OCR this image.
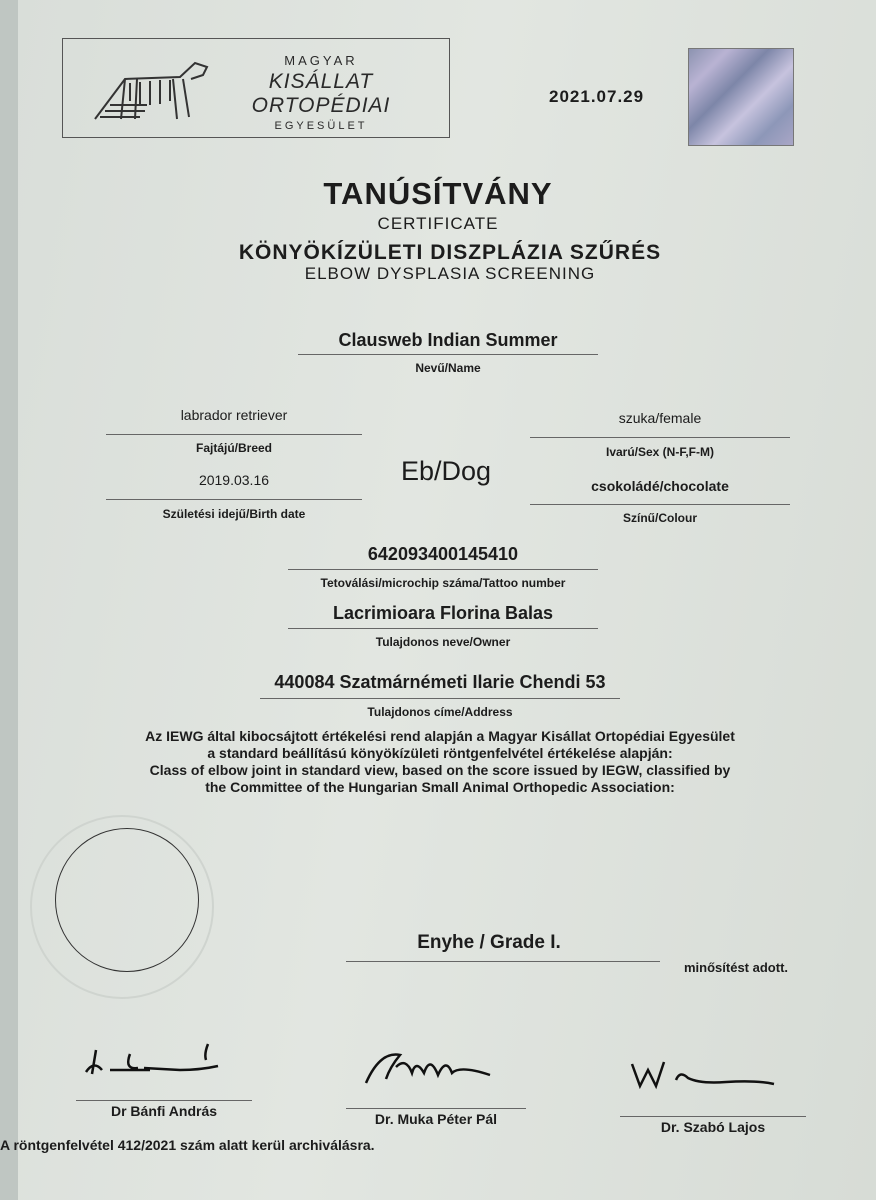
MAGYAR
KISÁLLAT ORTOPÉDIAI
EGYESÜLET
2021.07.29
TANÚSÍTVÁNY
CERTIFICATE
KÖNYÖKÍZÜLETI DISZPLÁZIA SZŰRÉS
ELBOW DYSPLASIA SCREENING
Clausweb Indian Summer
Nevű/Name
labrador retriever
Fajtájú/Breed
2019.03.16
Születési idejű/Birth date
Eb/Dog
szuka/female
Ivarú/Sex (N-F,F-M)
csokoládé/chocolate
Színű/Colour
642093400145410
Tetoválási/microchip száma/Tattoo number
Lacrimioara Florina Balas
Tulajdonos neve/Owner
440084 Szatmárnémeti Ilarie Chendi 53
Tulajdonos címe/Address
Az IEWG által kibocsájtott értékelési rend alapján a Magyar Kisállat Ortopédiai Egyesület
a standard beállítású könyökízületi röntgenfelvétel értékelése alapján:
Class of elbow joint in standard view, based on the score issued by IEGW, classified by
the Committee of the Hungarian Small Animal Orthopedic Association:
Enyhe / Grade I.
minősítést adott.
Dr Bánfi András	Dr. Muka Péter Pál	Dr. Szabó Lajos
A röntgenfelvétel 412/2021 szám alatt kerül archiválásra.
